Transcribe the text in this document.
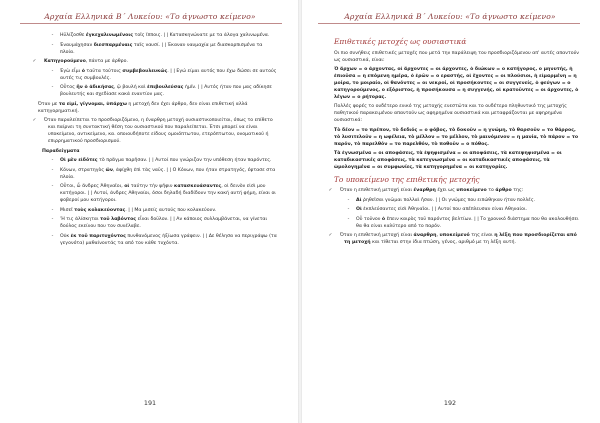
Αρχαία Ελληνικά Β΄ Λυκείου: «Το άγνωστο κείμενο»

- Ηϋλίζοσθε έγκεχαλινωμένοις τοῖς ἵπποις. | | Κατασκηνώνατε με τα άλογα χαλινωμένα.

- Ἐναυμάχησαν διεσπαρμέναις ταῖς ναυσί. | | Έκαναν ναυμαχία με διασκορπισμένα τα πλοία.

✓ Κατηγορούμενο, πάντα με άρθρο.

- Ἐγὼ εἶμι ὁ ταῦτα τούτοις συμβεβουλευκώς. | | Εγώ είμαι αυτός που έχω δώσει σε αυτούς αυτές τις συμβουλές.

- Οὗτος ἦν ὁ ἀδικήσας, ᾧ βουλή καὶ ἐπιβουλεύσας ἡμῖν. | | Αυτός ήταν που μας αδίκησε βουλευτής και σχεδίασε κακά εναντίον μας.

Όταν με τα εἰμί, γίγνομαι, ὑπάρχω η μετοχή δεν έχει άρθρο, δεν είναι επιθετική αλλά κατηγορηματική.

✓ Όταν παραλείπεται το προσδιοριζόμενο, η έναρθρη μετοχή ουσιαστικοποιείται, όπως το επίθετο και παίρνει τη συντακτική θέση του ουσιαστικού που παραλείπεται. Έτσι μπορεί να είναι υποκείμενο, αντικείμενο, κα. οποιουδήποτε είδους ομοιόπτωτου, ετερόπτωτου, ονοματικού ή επιρρηματικού προσδιορισμού.

Παραδείγματα

- Οἱ μὲν εἰδότες τὸ πρᾶγμα παρῆσαν. | | Αυτοί που γνώριζαν την υπόθεση ήταν παρόντες.

- Κόνων, στρατηγὸς ὤν, ἀφίχθη ἐπὶ τὰς ναῦς. | | Ο Κόνων, που ήταν στρατηγός, έφτασε στα πλοία.

- Οὗτοι, ὦ ἄνδρες Ἀθηναῖοι, οἱ ταύτην τὴν ψῆφιν κατασκευάσαντες, οἱ δεινὸν εἰσὶ μου κατήγοροι. | | Αυτοί, άνδρες Αθηναίοι, όσοι δηλαδή διαδίδουν την κακή αυτή φήμη, είναι οι φοβεροί μου κατήγοροι.

- Μισεῖ τοὺς κολακεύοντας. | | Μα μισείς αυτούς που κολακεύουν.

- Ἤ τις ἀλίσκηται τοῦ λαβόντος εἶναι δοῦλον. | | Αν κάποιος συλλαμβάνεται, να γίνεται δούλος εκείνου που τον συνέλαβε.

- Οὐκ ἐκ τοῦ παριτυχόντος πυνθανόμενος ἠξίωσα γράφειν. | | Δε θέλησα να περιγράψω (τα γεγονότα) μαθαίνοντάς τα από τον κάθε τυχόντα.

191
Αρχαία Ελληνικά Β΄ Λυκείου: «Το άγνωστο κείμενο»

Επιθετικές μετοχές ως ουσιαστικά

Οι πιο συνήθεις επιθετικές μετοχές που μετά την παράλειψη του προσδιοριζόμενου απ' αυτές απαντούν ως ουσιαστικά, είναι:

Ὁ ἄρχων = ο άρχοντας, οἱ ἄρχοντες = οι άρχοντες, ὁ διώκων = ο κατήγορος, ο μηνυτής, ἡ ἐπιοῦσα = η επόμενη ημέρα, ὁ ἐρῶν = ο εραστής, οἱ ἔχοντες = οι πλούσιοι, ἡ εἱμαρμένη = η μοίρα, το μοιραίο, οἱ θανόντες = οι νεκροί, οἱ προσήκοντες = οι συγγενείς, ὁ φεύγων = ο κατηγορούμενος, ο εξόριστος, ἡ προσήκουσα = η συγγενής, οἱ κρατοῦντες = οι άρχοντες, ὁ λέγων = ο ρήτορας.

Πολλές φορές το ουδέτερο ενικό της μετοχής ενεστώτα και το ουδέτερο πληθυντικό της μετοχής παθητικού παρακειμένου απαντούν ως αφηρημένα ουσιαστικά και μεταφράζονται με αφηρημένα ουσιαστικά:

Τὸ δέον = το πρέπον, τὸ δεδιός = ο φόβος, τὸ δοκοῦν = η γνώμη, τὸ θαρσοῦν = το θάρρος, τὸ λυσιτελοῦν = η ωφέλεια, τὸ μέλλον = το μέλλον, τὸ μαινόμενον = η μανία, τὸ πάρον = το παρόν, τὸ παρελθόν = το παρελθόν, τὸ ποθοῦν = ο πόθος.

Τὰ ἐγνωσμένα = οι αποφάσεις, τὰ ἐψηφισμένα = οι αποφάσεις, τὰ κατεψηφισμένα = οι καταδικαστικές αποφάσεις, τὰ κατεγνωσμένα = οι καταδικαστικές αποφάσεις, τὰ ὡμολογημένα = οι συμφωνίες, τὰ κατηγορημένα = οι κατηγορίες.

Το υποκείμενο της επιθετικής μετοχής

✓ Όταν η επιθετική μετοχή είναι έναρθρη έχει ως υποκείμενο το άρθρο της:

- Αἱ ῥηθεῖσαι γνῶμαι πολλαὶ ἦσαν. | | Οι γνώμες που ειπώθηκαν ήταν πολλές.

- Οἱ ἐκπλεύσαντες εἰσὶ Ἀθηναῖοι. | | Αυτοί που απέπλευσαν είναι Αθηναίοι.

- Οὗ τοῦνον ὁ ἔπειν καιρὸς τοῦ παρόντος βελτίων. | | Το χρονικό διάστημα που θα ακολουθήσει θα θα είναι καλύτερο από το παρόν.

✓ Όταν η επιθετική μετοχή είναι άναρθρη, υποκείμενό της είναι η λέξη που προσδιορίζεται από τη μετοχή και τίθεται στην ίδια πτώση, γένος, αριθμό με τη λέξη αυτή.

192
